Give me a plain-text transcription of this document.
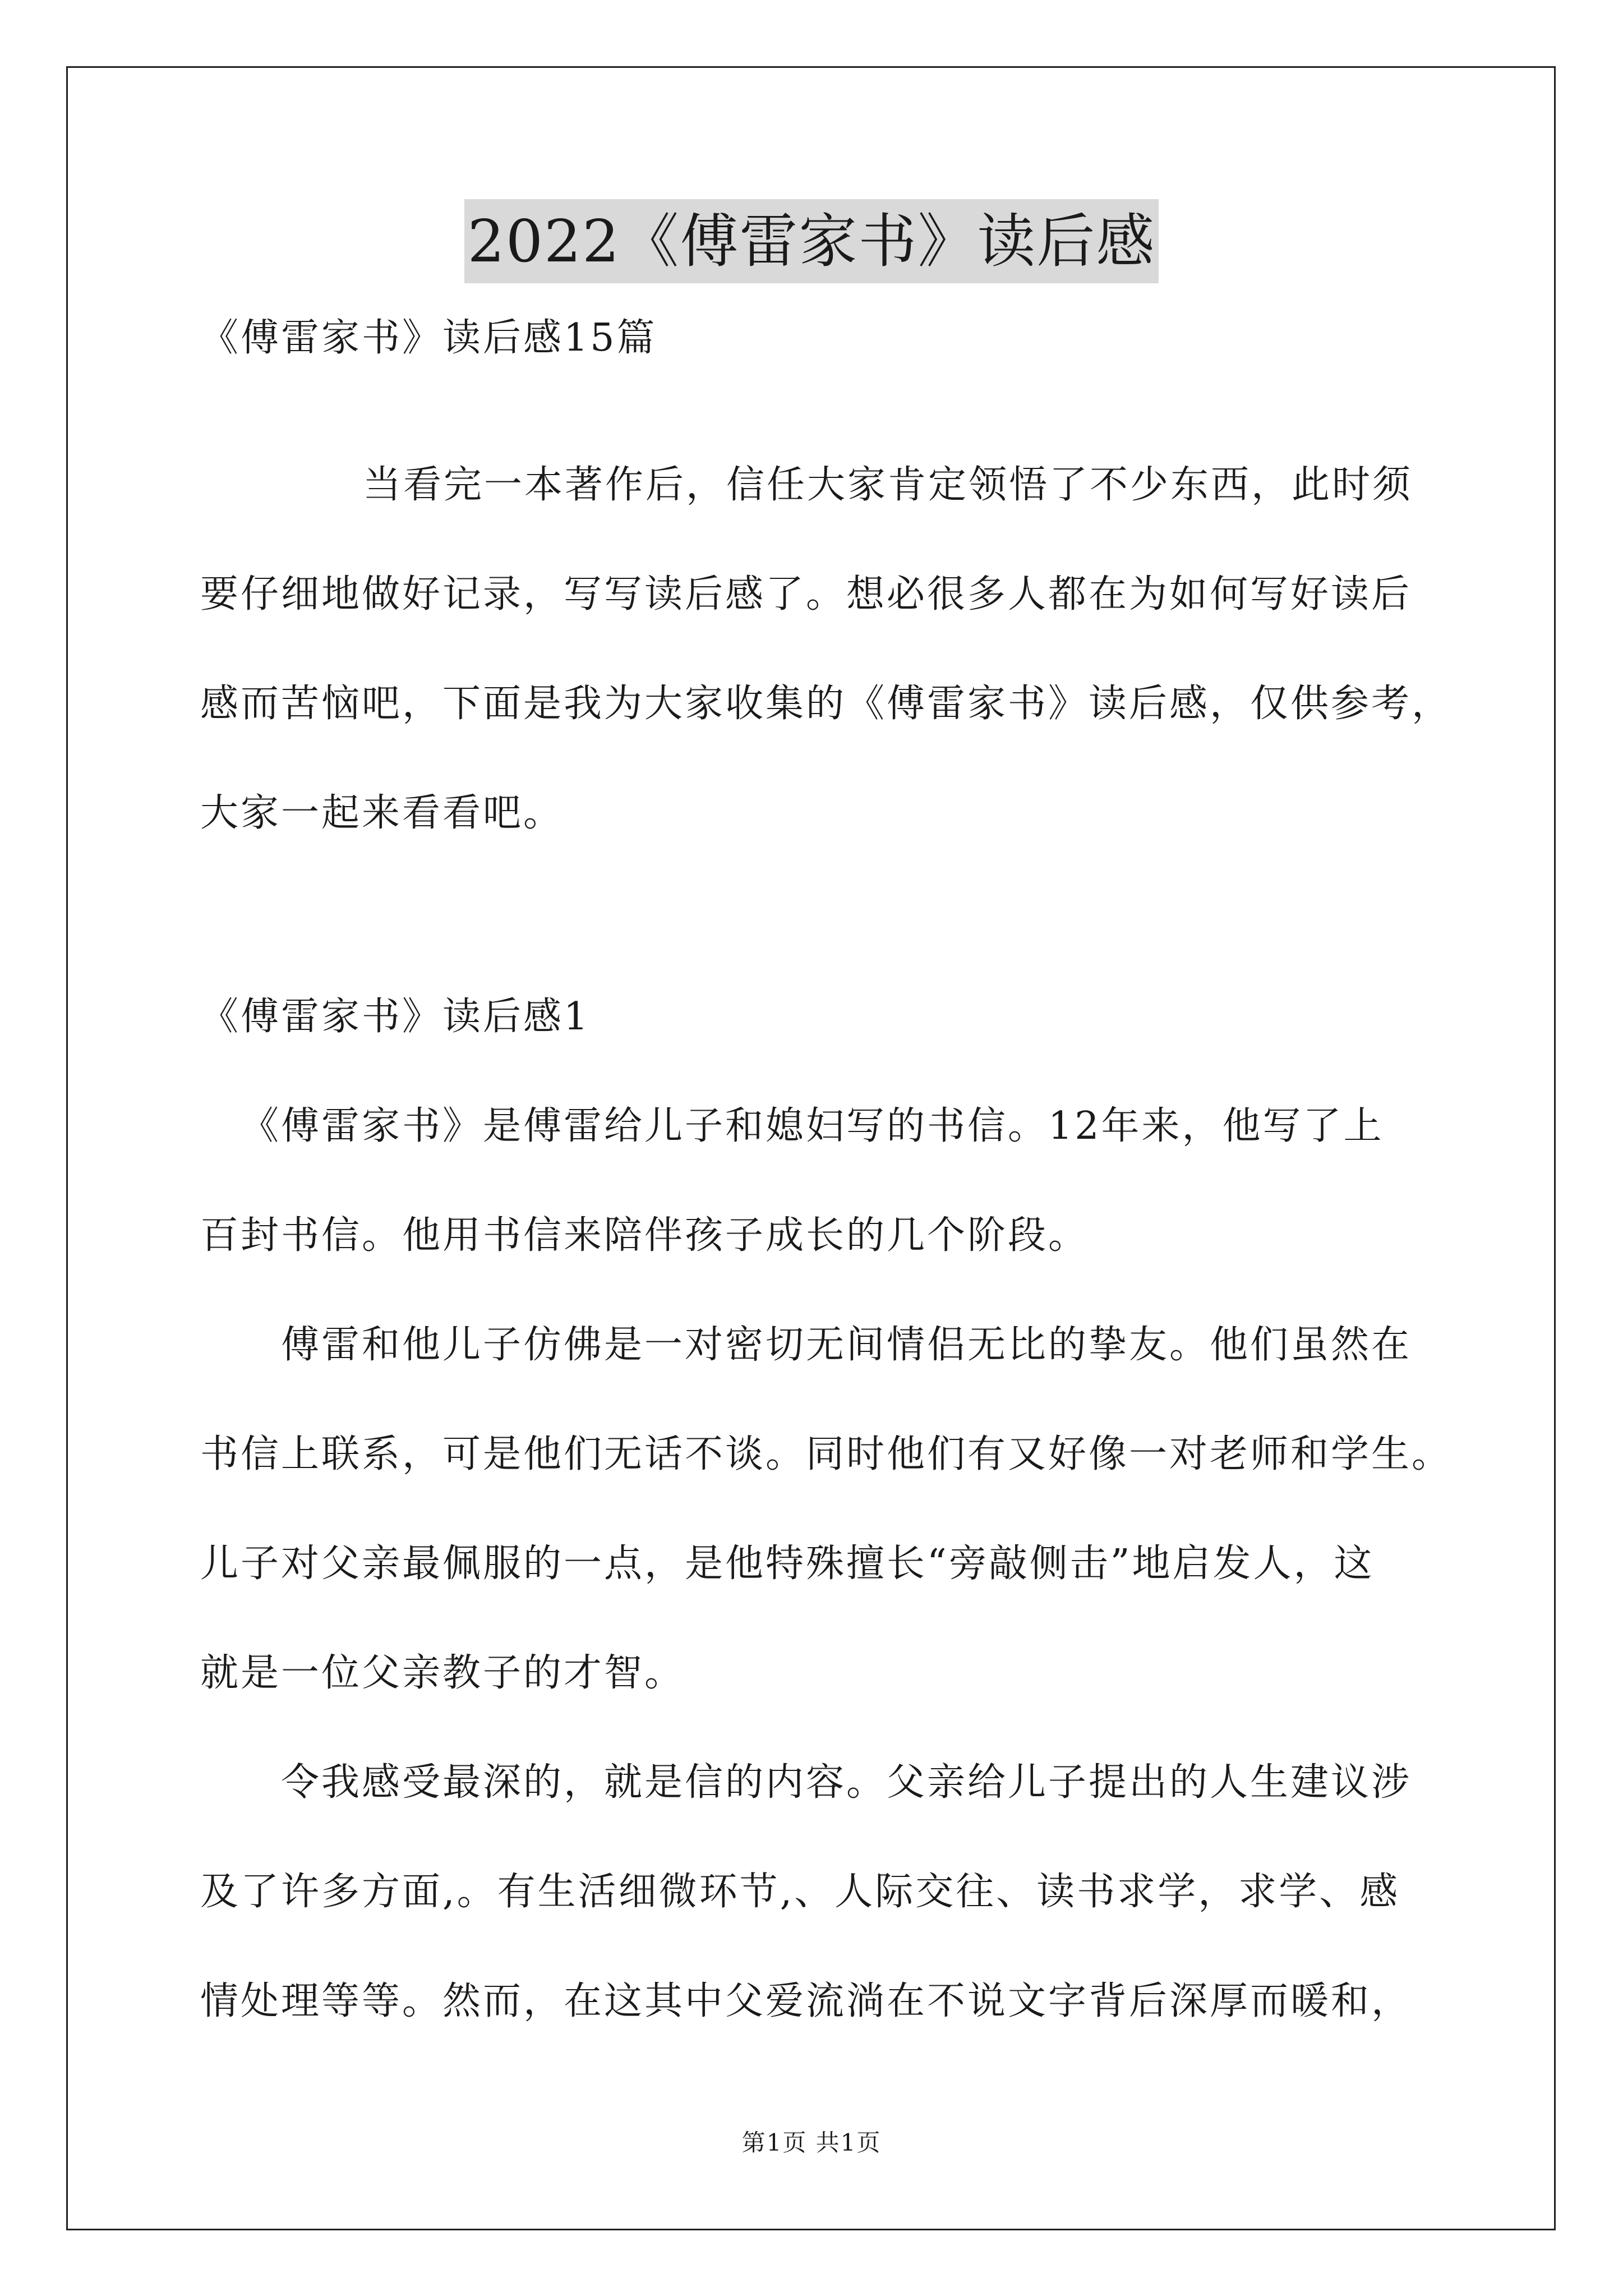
2022《傅雷家书》读后感
《傅雷家书》读后感15篇
当看完一本著作后，信任大家肯定领悟了不少东西，此时须
要仔细地做好记录，写写读后感了。想必很多人都在为如何写好读后
感而苦恼吧，下面是我为大家收集的《傅雷家书》读后感，仅供参考，
大家一起来看看吧。
《傅雷家书》读后感1
《傅雷家书》是傅雷给儿子和媳妇写的书信。12年来，他写了上
百封书信。他用书信来陪伴孩子成长的几个阶段。
傅雷和他儿子仿佛是一对密切无间情侣无比的挚友。他们虽然在
书信上联系，可是他们无话不谈。同时他们有又好像一对老师和学生。
儿子对父亲最佩服的一点，是他特殊擅长“旁敲侧击”地启发人，这
就是一位父亲教子的才智。
令我感受最深的，就是信的内容。父亲给儿子提出的人生建议涉
及了许多方面,。有生活细微环节,、人际交往、读书求学，求学、感
情处理等等。然而，在这其中父爱流淌在不说文字背后深厚而暖和，
第1页 共1页
